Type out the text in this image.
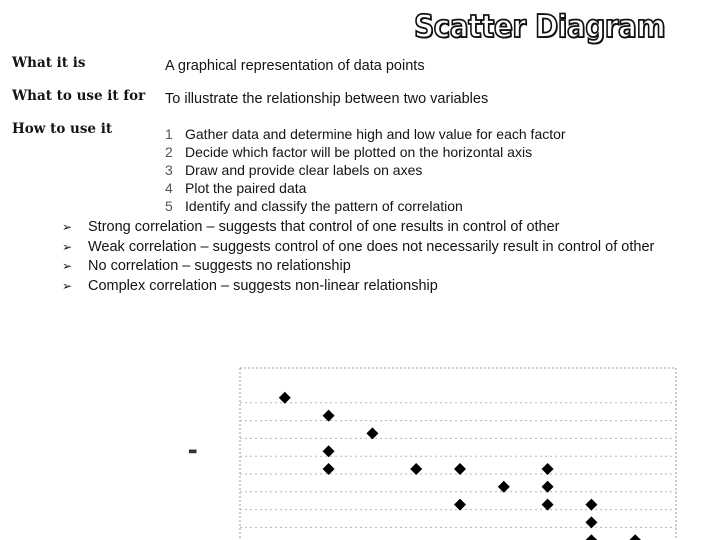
Scatter Diagram
What it is	A graphical representation of data points
What to use it for To illustrate the relationship between two variables
How to use it	1 Gather data and determine high and low value for each factor
2 Decide which factor will be plotted on the horizontal axis
3 Draw and provide clear labels on axes
4 Plot the paired data
5 Identify and classify the pattern of correlation
➢ Strong correlation – suggests that control of one results in control of other
➢ Weak correlation – suggests control of one does not necessarily result in control of other
➢ No correlation – suggests no relationship
➢ Complex correlation – suggests non-linear relationship
▬
